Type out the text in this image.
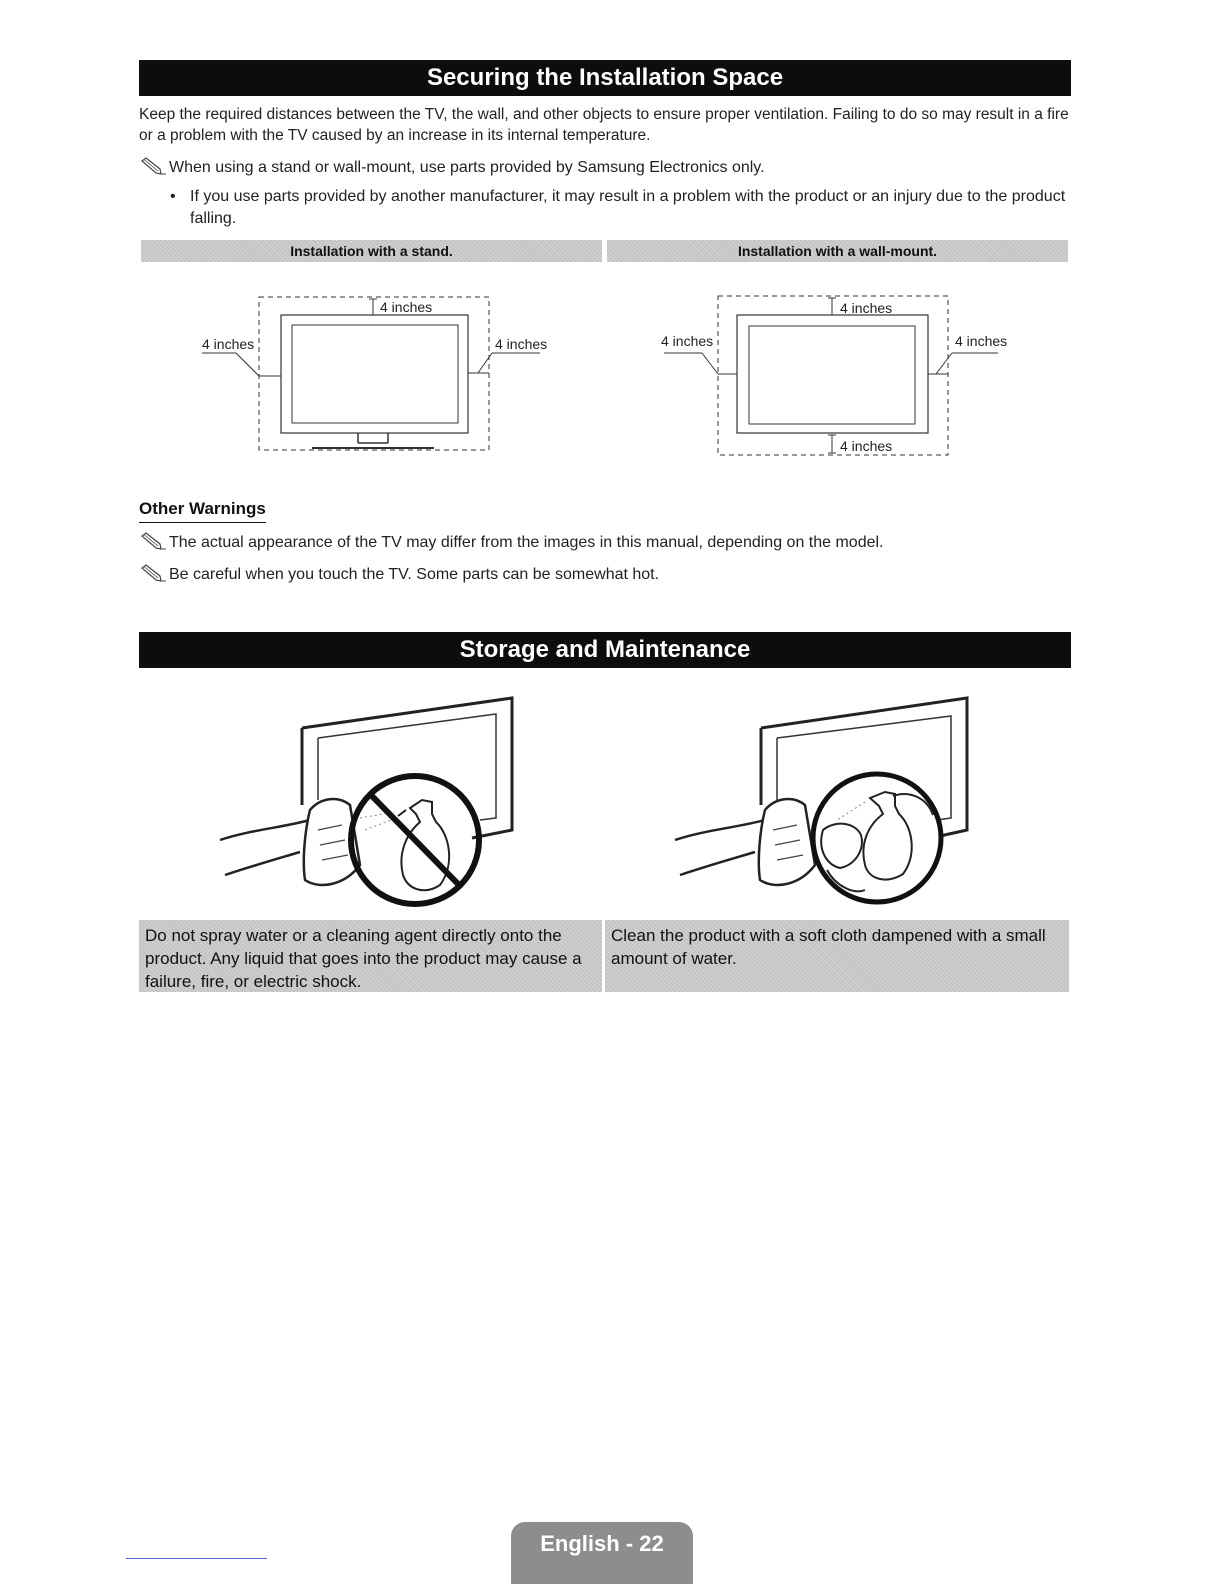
Securing the Installation Space
Keep the required distances between the TV, the wall, and other objects to ensure proper ventilation. Failing to do so may result in a fire or a problem with the TV caused by an increase in its internal temperature.
When using a stand or wall-mount, use parts provided by Samsung Electronics only.
• If you use parts provided by another manufacturer, it may result in a problem with the product or an injury due to the product falling.
Installation with a stand.	Installation with a wall-mount.
4 inches
4 inches	4 inches
4 inches
4 inches
4 inches	4 inches
Other Warnings
The actual appearance of the TV may differ from the images in this manual, depending on the model.
Be careful when you touch the TV. Some parts can be somewhat hot.
Storage and Maintenance
Do not spray water or a cleaning agent directly onto the product. Any liquid that goes into the product may cause a failure, fire, or electric shock.
Clean the product with a soft cloth dampened with a small amount of water.
English - 22
